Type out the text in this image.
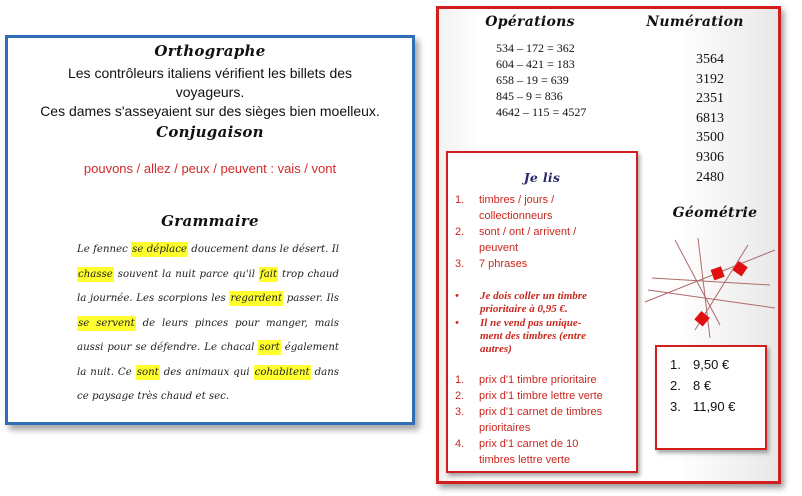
Orthographe
Les contrôleurs italiens vérifient les billets des
voyageurs.
Ces dames s'asseyaient sur des sièges bien moelleux.
Conjugaison
pouvons / allez / peux / peuvent : vais / vont
Grammaire
Le fennec se déplace doucement dans le désert. Il chasse souvent la nuit parce qu'il fait trop chaud la journée. Les scorpions les regardent passer. Ils se servent de leurs pinces pour manger, mais aussi pour se défendre. Le chacal sort également la nuit. Ce sont des animaux qui cohabitent dans ce paysage très chaud et sec.
Opérations
534 – 172 = 362
604 – 421 = 183
658 – 19 = 639
845 – 9 = 836
4642 – 115 = 4527
Numération
3564
3192
2351
6813
3500
9306
2480
Géométrie
Je lis
1. timbres / jours /
collectionneurs
2. sont / ont / arrivent /
peuvent
3. 7 phrases
• Je dois coller un timbre
prioritaire à 0,95 €.
• Il ne vend pas unique-
ment des timbres (entre
autres)
1. prix d'1 timbre prioritaire
2. prix d'1 timbre lettre verte
3. prix d'1 carnet de timbres
prioritaires
4. prix d'1 carnet de 10
timbres lettre verte
1. 9,50 €
2. 8 €
3. 11,90 €
